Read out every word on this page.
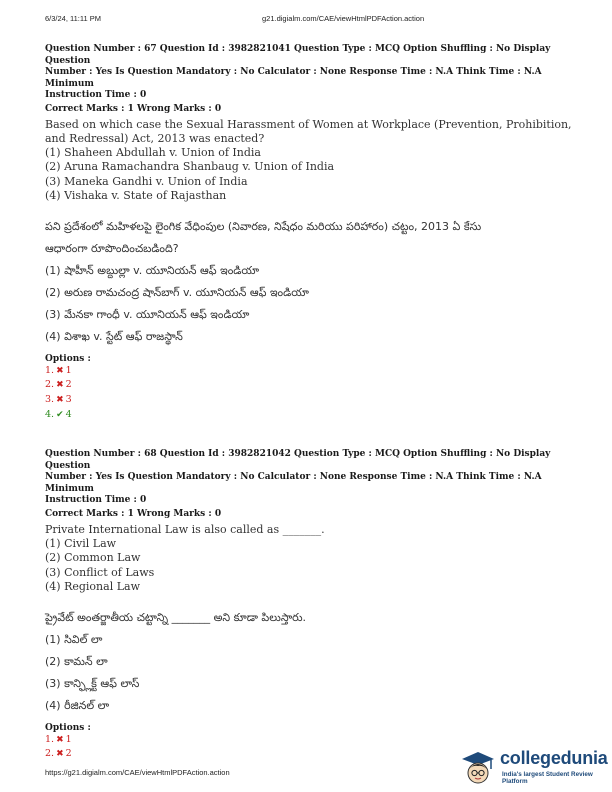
6/3/24, 11:11 PM	g21.digialm.com/CAE/viewHtmlPDFAction.action
Question Number : 67 Question Id : 3982821041 Question Type : MCQ Option Shuffling : No Display Question
Number : Yes Is Question Mandatory : No Calculator : None Response Time : N.A Think Time : N.A Minimum
Instruction Time : 0
Correct Marks : 1 Wrong Marks : 0
Based on which case the Sexual Harassment of Women at Workplace (Prevention, Prohibition,
and Redressal) Act, 2013 was enacted?
(1) Shaheen Abdullah v. Union of India
(2) Aruna Ramachandra Shanbaug v. Union of India
(3) Maneka Gandhi v. Union of India
(4) Vishaka v. State of Rajasthan
పని ప్రదేశంలో మహిళలపై లైంగిక వేధింపుల (నివారణ, నిషేధం మరియు పరిహారం) చట్టం, 2013 ఏ కేసు
ఆధారంగా రూపొందించబడింది?
(1) షాహీన్ అబ్దుల్లా v. యూనియన్ ఆఫ్ ఇండియా
(2) అరుణ రామచంద్ర షాన్‌బాగ్ v. యూనియన్ ఆఫ్ ఇండియా
(3) మేనకా గాంధీ v. యూనియన్ ఆఫ్ ఇండియా
(4) విశాఖ v. స్టేట్ ఆఫ్ రాజస్థాన్
Options :
1. ✖ 1
2. ✖ 2
3. ✖ 3
4. ✔ 4
Question Number : 68 Question Id : 3982821042 Question Type : MCQ Option Shuffling : No Display Question
Number : Yes Is Question Mandatory : No Calculator : None Response Time : N.A Think Time : N.A Minimum
Instruction Time : 0
Correct Marks : 1 Wrong Marks : 0
Private International Law is also called as _______.
(1) Civil Law
(2) Common Law
(3) Conflict of Laws
(4) Regional Law
ప్రైవేట్ అంతర్జాతీయ చట్టాన్ని _______ అని కూడా పిలుస్తారు.
(1) సివిల్ లా
(2) కామన్ లా
(3) కాన్ఫ్లిక్ట్ ఆఫ్ లాస్
(4) రీజినల్ లా
Options :
1. ✖ 1
2. ✖ 2
https://g21.digialm.com/CAE/viewHtmlPDFAction.action
collegedunia
India's largest Student Review Platform
